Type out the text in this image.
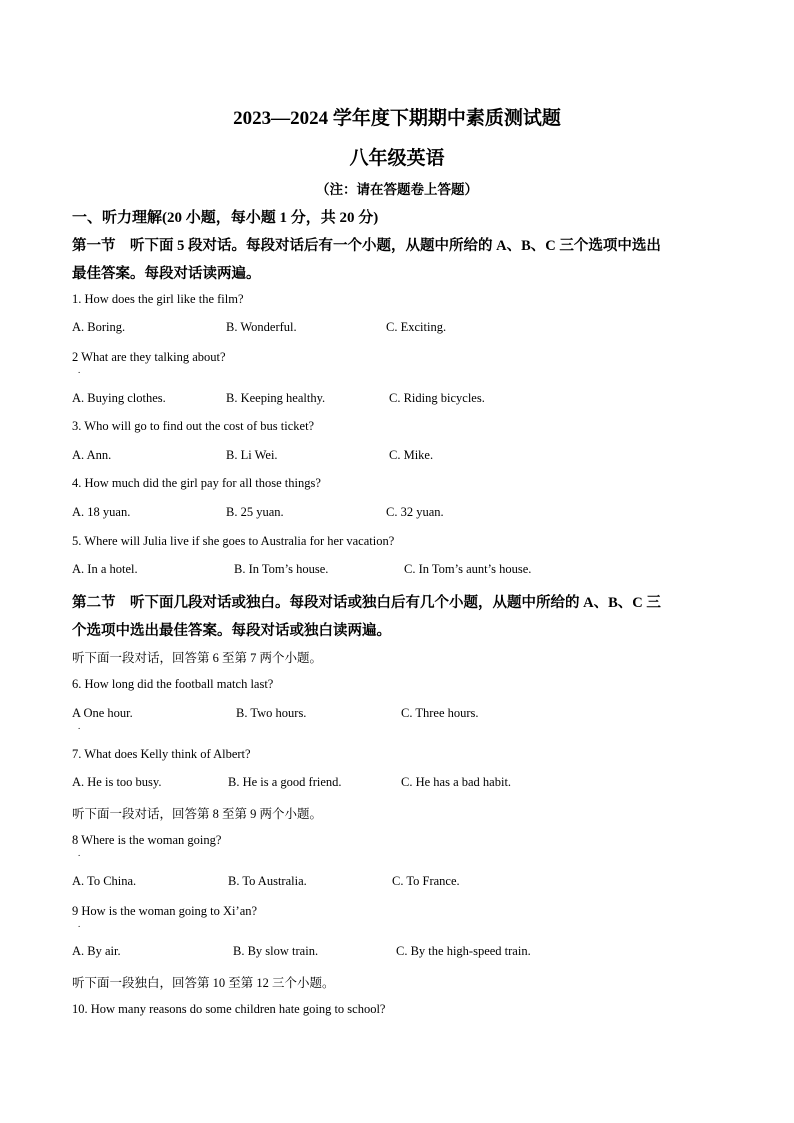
2023—2024 学年度下期期中素质测试题
八年级英语
（注：请在答题卷上答题）
一、听力理解(20 小题，每小题 1 分，共 20 分)
第一节　听下面 5 段对话。每段对话后有一个小题，从题中所给的 A、B、C 三个选项中选出
最佳答案。每段对话读两遍。
1. How does the girl like the film?
A. Boring.	B. Wonderful.	C. Exciting.
2 What are they talking about?
.
A. Buying clothes.	B. Keeping healthy.	C. Riding bicycles.
3. Who will go to find out the cost of bus ticket?
A. Ann.	B. Li Wei.	C. Mike.
4. How much did the girl pay for all those things?
A. 18 yuan.	B. 25 yuan.	C. 32 yuan.
5. Where will Julia live if she goes to Australia for her vacation?
A. In a hotel.	B. In Tom’s house.	C. In Tom’s aunt’s house.
第二节　听下面几段对话或独白。每段对话或独白后有几个小题，从题中所给的 A、B、C 三
个选项中选出最佳答案。每段对话或独白读两遍。
听下面一段对话，回答第 6 至第 7 两个小题。
6. How long did the football match last?
A One hour.
.
B. Two hours.	C. Three hours.
7. What does Kelly think of Albert?
A. He is too busy.	B. He is a good friend.	C. He has a bad habit.
听下面一段对话，回答第 8 至第 9 两个小题。
8 Where is the woman going?
.
A. To China.	B. To Australia.	C. To France.
9 How is the woman going to Xi’an?
.
A. By air.	B. By slow train.	C. By the high-speed train.
听下面一段独白，回答第 10 至第 12 三个小题。
10. How many reasons do some children hate going to school?
